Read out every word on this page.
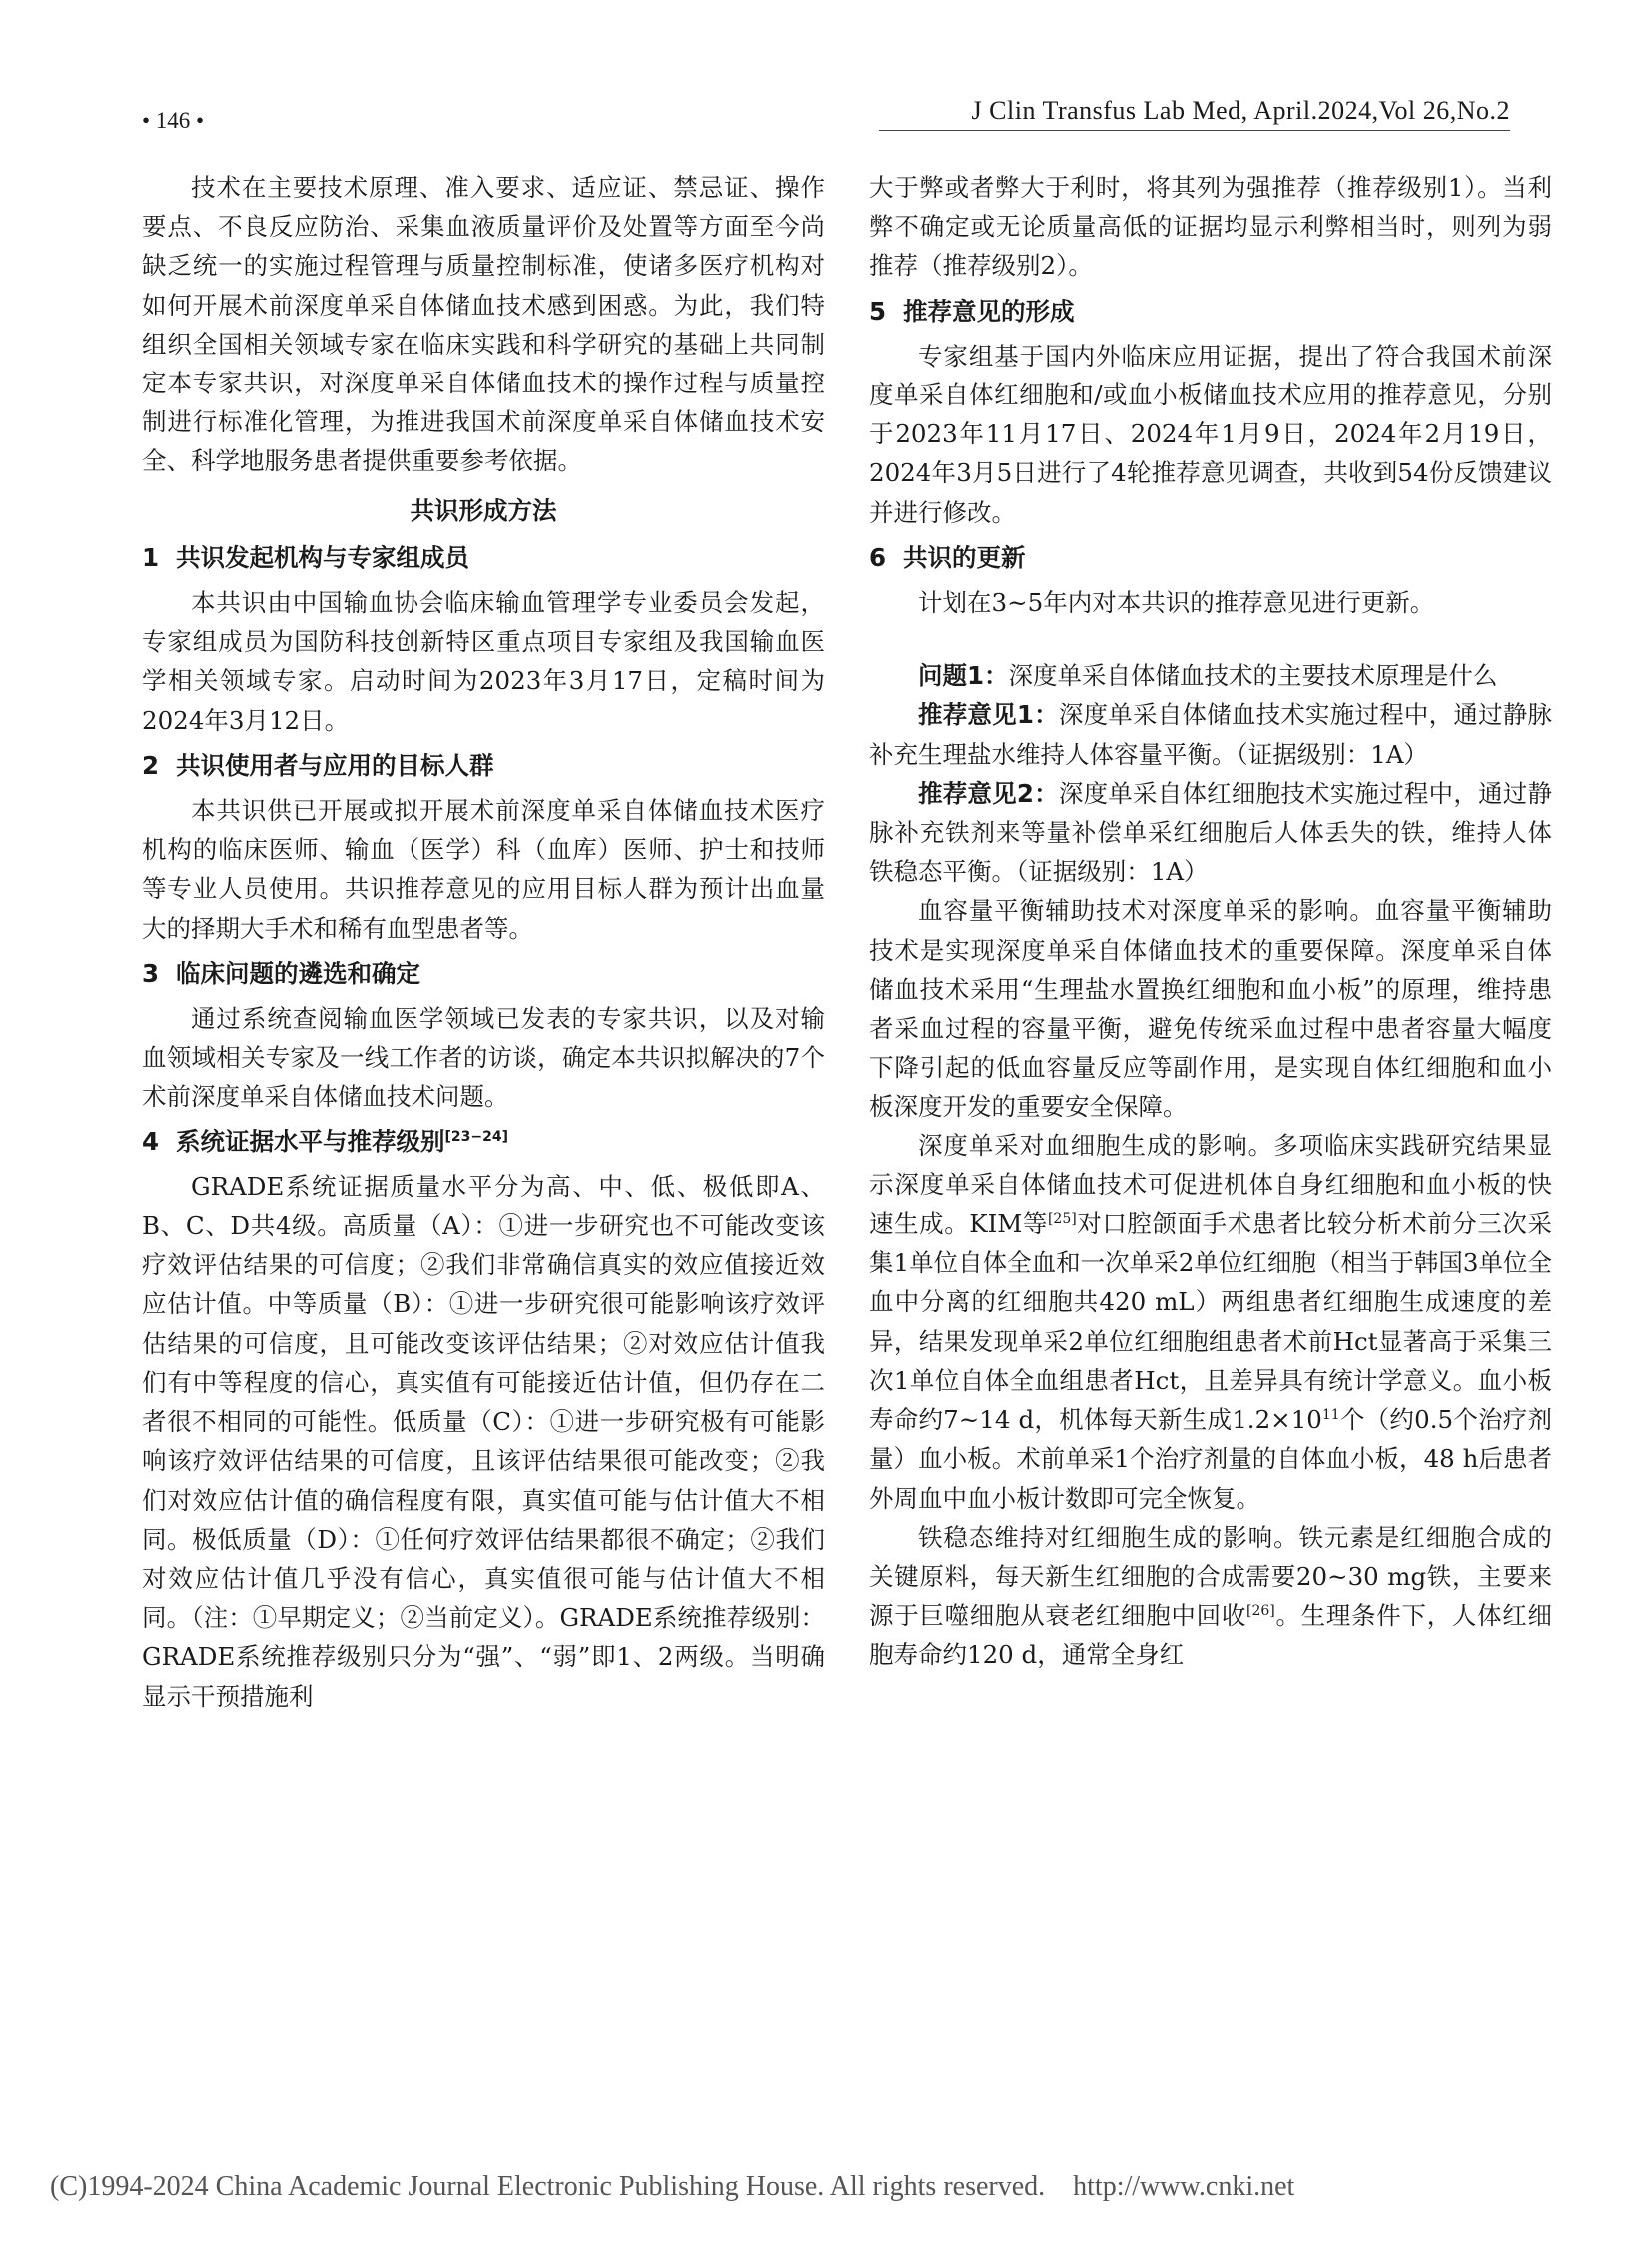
• 146 •	J Clin Transfus Lab Med, April.2024,Vol 26,No.2

技术在主要技术原理、准入要求、适应证、禁忌证、操作要点、不良反应防治、采集血液质量评价及处置等方面至今尚缺乏统一的实施过程管理与质量控制标准，使诸多医疗机构对如何开展术前深度单采自体储血技术感到困惑。为此，我们特组织全国相关领域专家在临床实践和科学研究的基础上共同制定本专家共识，对深度单采自体储血技术的操作过程与质量控制进行标准化管理，为推进我国术前深度单采自体储血技术安全、科学地服务患者提供重要参考依据。

共识形成方法
1 共识发起机构与专家组成员

本共识由中国输血协会临床输血管理学专业委员会发起，专家组成员为国防科技创新特区重点项目专家组及我国输血医学相关领域专家。启动时间为2023年3月17日，定稿时间为2024年3月12日。

2 共识使用者与应用的目标人群

本共识供已开展或拟开展术前深度单采自体储血技术医疗机构的临床医师、输血（医学）科（血库）医师、护士和技师等专业人员使用。共识推荐意见的应用目标人群为预计出血量大的择期大手术和稀有血型患者等。

3 临床问题的遴选和确定

通过系统查阅输血医学领域已发表的专家共识，以及对输血领域相关专家及一线工作者的访谈，确定本共识拟解决的7个术前深度单采自体储血技术问题。

4 系统证据水平与推荐级别[23−24]

GRADE系统证据质量水平分为高、中、低、极低即A、B、C、D共4级。高质量（A）：①进一步研究也不可能改变该疗效评估结果的可信度；②我们非常确信真实的效应值接近效应估计值。中等质量（B）：①进一步研究很可能影响该疗效评估结果的可信度，且可能改变该评估结果；②对效应估计值我们有中等程度的信心，真实值有可能接近估计值，但仍存在二者很不相同的可能性。低质量（C）：①进一步研究极有可能影响该疗效评估结果的可信度，且该评估结果很可能改变；②我们对效应估计值的确信程度有限，真实值可能与估计值大不相同。极低质量（D）：①任何疗效评估结果都很不确定；②我们对效应估计值几乎没有信心，真实值很可能与估计值大不相同。（注：①早期定义；②当前定义）。GRADE系统推荐级别：GRADE系统推荐级别只分为“强”、“弱”即1、2两级。当明确显示干预措施利

大于弊或者弊大于利时，将其列为强推荐（推荐级别1）。当利弊不确定或无论质量高低的证据均显示利弊相当时，则列为弱推荐（推荐级别2）。

5 推荐意见的形成

专家组基于国内外临床应用证据，提出了符合我国术前深度单采自体红细胞和/或血小板储血技术应用的推荐意见，分别于2023年11月17日、2024年1月9日，2024年2月19日，2024年3月5日进行了4轮推荐意见调查，共收到54份反馈建议并进行修改。

6 共识的更新

计划在3~5年内对本共识的推荐意见进行更新。

问题1：深度单采自体储血技术的主要技术原理是什么

推荐意见1：深度单采自体储血技术实施过程中，通过静脉补充生理盐水维持人体容量平衡。（证据级别：1A）

推荐意见2：深度单采自体红细胞技术实施过程中，通过静脉补充铁剂来等量补偿单采红细胞后人体丢失的铁，维持人体铁稳态平衡。（证据级别：1A）

血容量平衡辅助技术对深度单采的影响。血容量平衡辅助技术是实现深度单采自体储血技术的重要保障。深度单采自体储血技术采用“生理盐水置换红细胞和血小板”的原理，维持患者采血过程的容量平衡，避免传统采血过程中患者容量大幅度下降引起的低血容量反应等副作用，是实现自体红细胞和血小板深度开发的重要安全保障。

深度单采对血细胞生成的影响。多项临床实践研究结果显示深度单采自体储血技术可促进机体自身红细胞和血小板的快速生成。KIM等[25]对口腔颌面手术患者比较分析术前分三次采集1单位自体全血和一次单采2单位红细胞（相当于韩国3单位全血中分离的红细胞共420 mL）两组患者红细胞生成速度的差异，结果发现单采2单位红细胞组患者术前Hct显著高于采集三次1单位自体全血组患者Hct，且差异具有统计学意义。血小板寿命约7~14 d，机体每天新生成$1.2\times 10^{11}$个（约0.5个治疗剂量）血小板。术前单采1个治疗剂量的自体血小板，48 h后患者外周血中血小板计数即可完全恢复。

铁稳态维持对红细胞生成的影响。铁元素是红细胞合成的关键原料，每天新生红细胞的合成需要20~30 mg铁，主要来源于巨噬细胞从衰老红细胞中回收[26]。生理条件下，人体红细胞寿命约120 d，通常全身红

(C)1994-2024 China Academic Journal Electronic Publishing House. All rights reserved. http://www.cnki.net
